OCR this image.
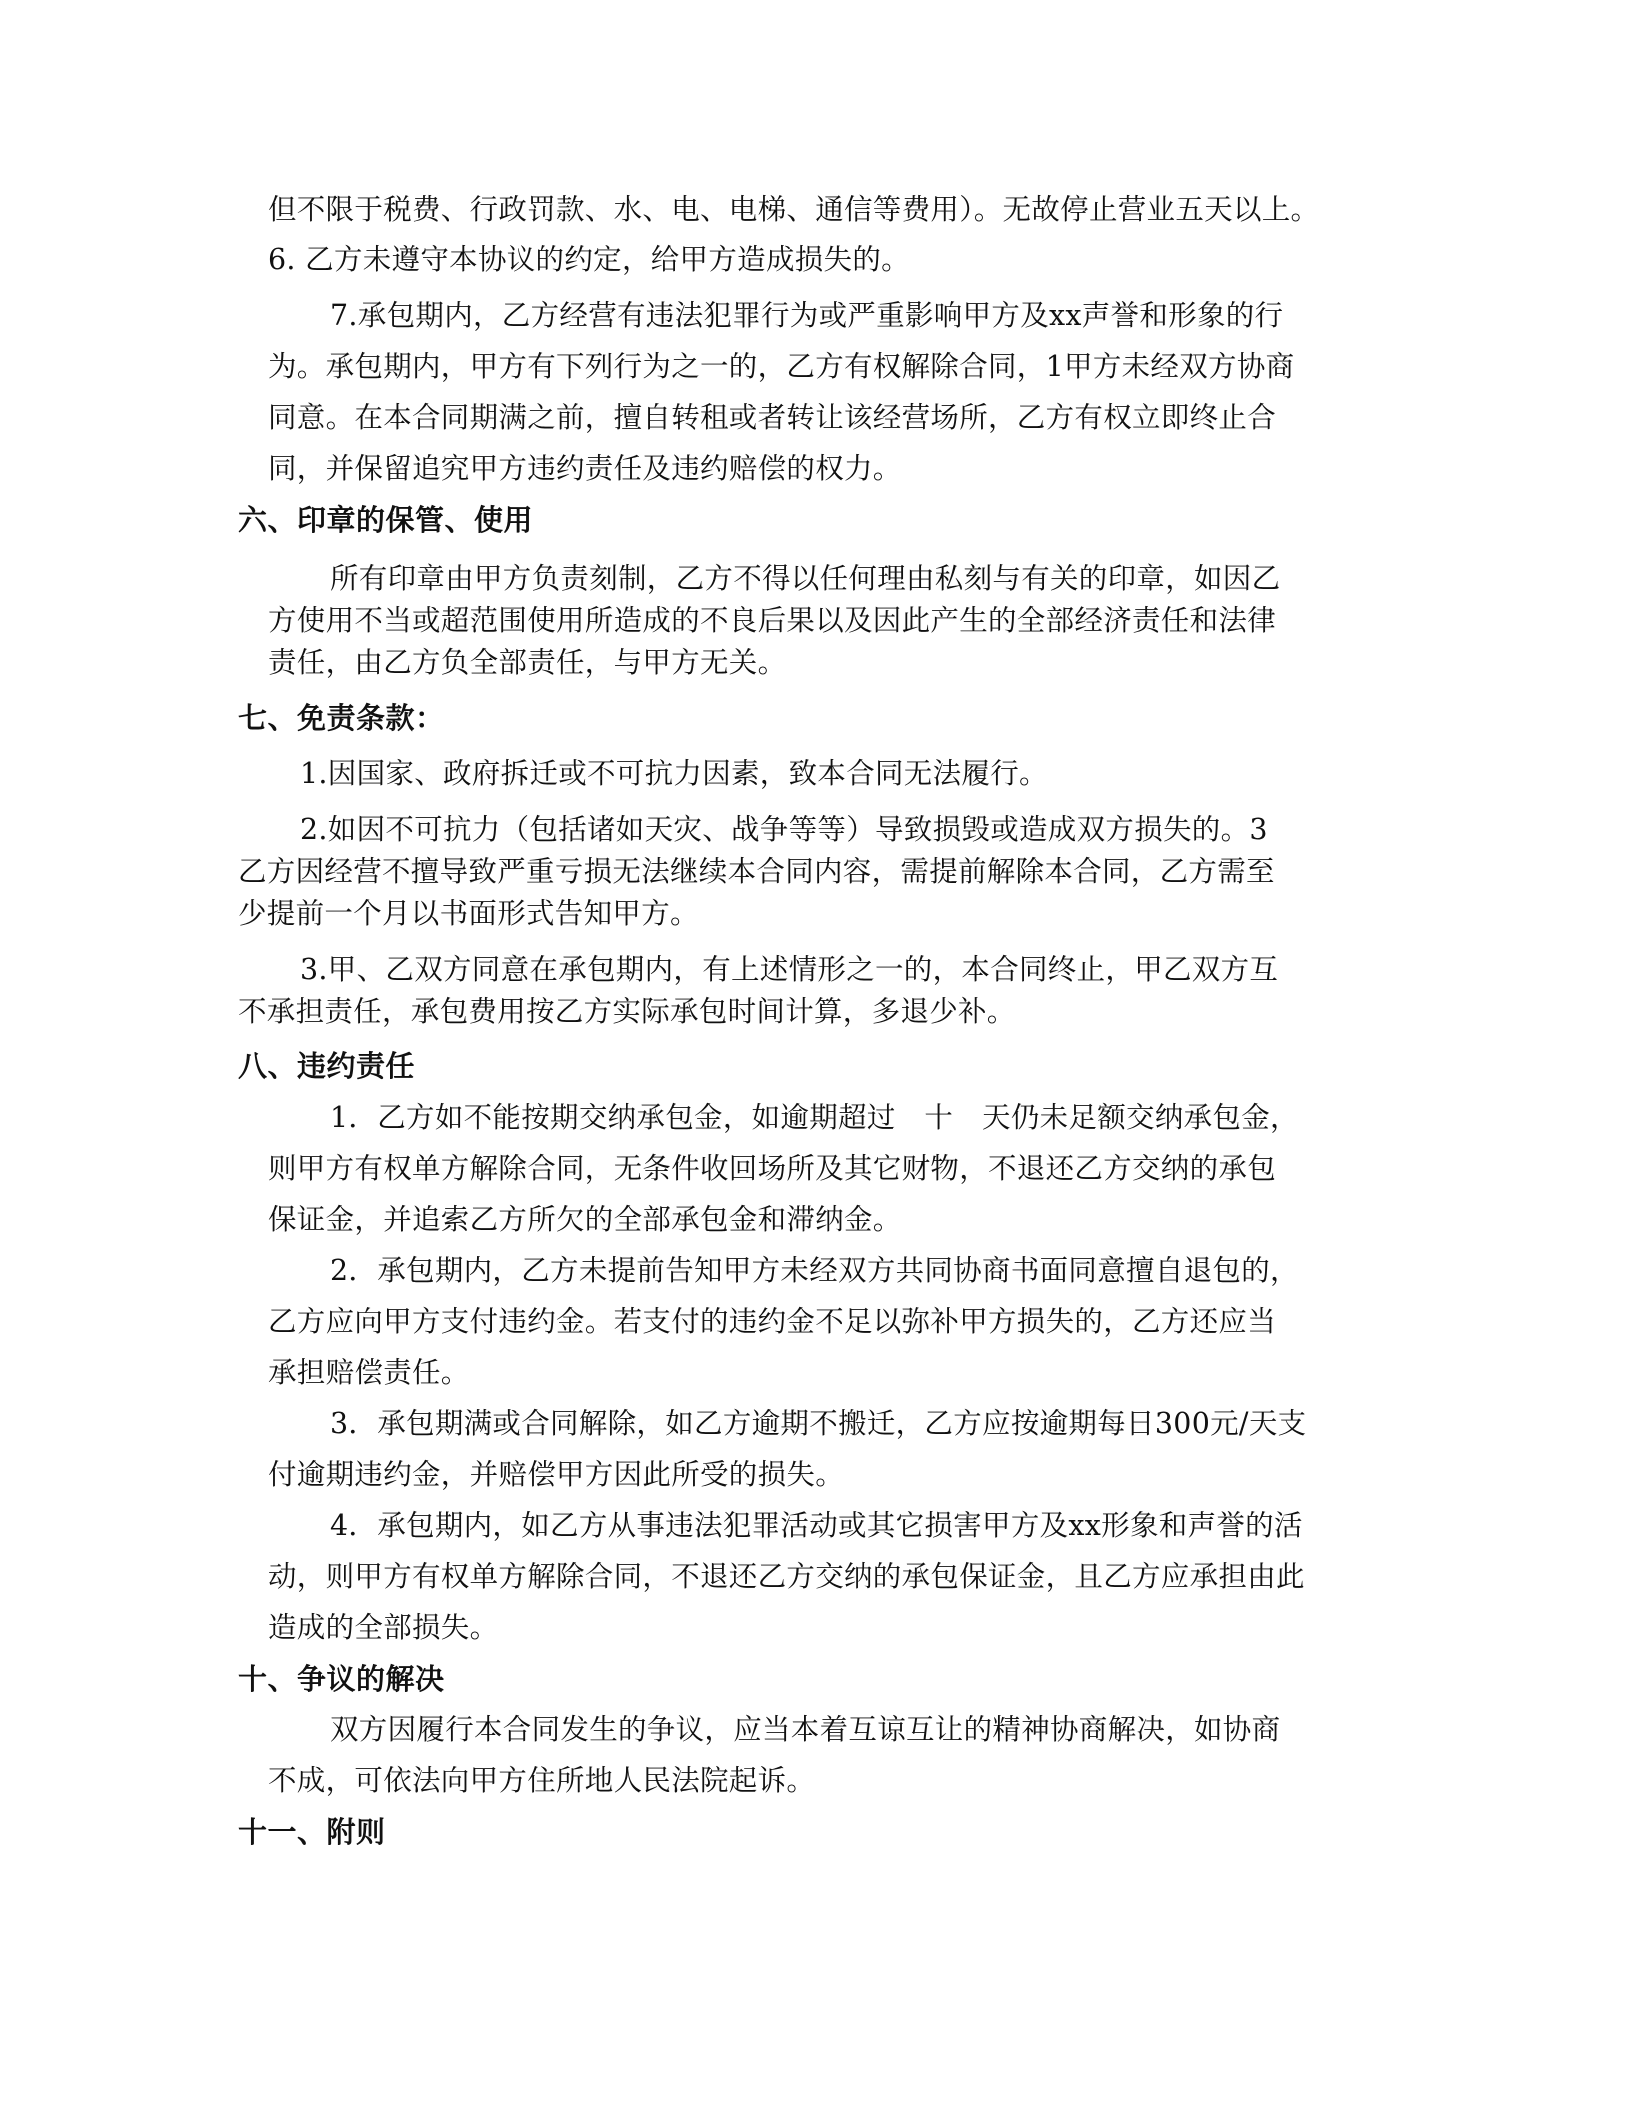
但不限于税费、行政罚款、水、电、电梯、通信等费用）。无故停止营业五天以上。
6. 乙方未遵守本协议的约定，给甲方造成损失的。
7.承包期内，乙方经营有违法犯罪行为或严重影响甲方及xx声誉和形象的行
为。承包期内，甲方有下列行为之一的，乙方有权解除合同，1甲方未经双方协商
同意。在本合同期满之前，擅自转租或者转让该经营场所，乙方有权立即终止合
同，并保留追究甲方违约责任及违约赔偿的权力。
六、印章的保管、使用
所有印章由甲方负责刻制，乙方不得以任何理由私刻与有关的印章，如因乙
方使用不当或超范围使用所造成的不良后果以及因此产生的全部经济责任和法律
责任，由乙方负全部责任，与甲方无关。
七、免责条款：
1.因国家、政府拆迁或不可抗力因素，致本合同无法履行。
2.如因不可抗力（包括诸如天灾、战争等等）导致损毁或造成双方损失的。3
乙方因经营不擅导致严重亏损无法继续本合同内容，需提前解除本合同，乙方需至
少提前一个月以书面形式告知甲方。
3.甲、乙双方同意在承包期内，有上述情形之一的，本合同终止，甲乙双方互
不承担责任，承包费用按乙方实际承包时间计算，多退少补。
八、违约责任
1．乙方如不能按期交纳承包金，如逾期超过　十　天仍未足额交纳承包金，
则甲方有权单方解除合同，无条件收回场所及其它财物，不退还乙方交纳的承包
保证金，并追索乙方所欠的全部承包金和滞纳金。
2．承包期内，乙方未提前告知甲方未经双方共同协商书面同意擅自退包的，
乙方应向甲方支付违约金。若支付的违约金不足以弥补甲方损失的，乙方还应当
承担赔偿责任。
3．承包期满或合同解除，如乙方逾期不搬迁，乙方应按逾期每日300元/天支
付逾期违约金，并赔偿甲方因此所受的损失。
4．承包期内，如乙方从事违法犯罪活动或其它损害甲方及xx形象和声誉的活
动，则甲方有权单方解除合同，不退还乙方交纳的承包保证金，且乙方应承担由此
造成的全部损失。
十、争议的解决
双方因履行本合同发生的争议，应当本着互谅互让的精神协商解决，如协商
不成，可依法向甲方住所地人民法院起诉。
十一、附则
